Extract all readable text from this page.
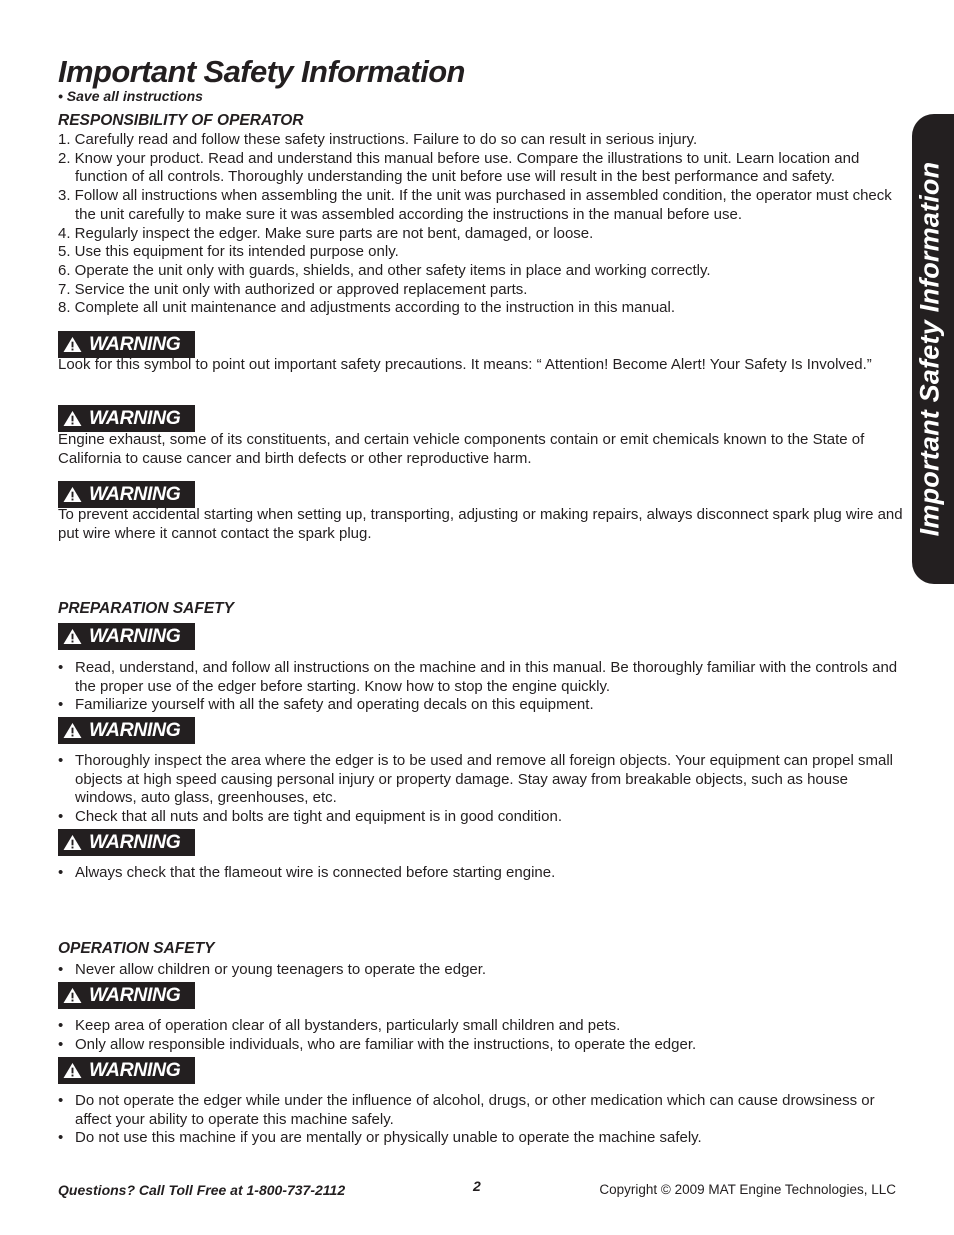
Important Safety Information
• Save all instructions
Important Safety Information
RESPONSIBILITY OF OPERATOR
1. Carefully read and follow these safety instructions. Failure to do so can result in serious injury.
2. Know your product. Read and understand this manual before use. Compare the illustrations to unit. Learn location and function of all controls. Thoroughly understanding the unit before use will result in the best performance and safety.
3. Follow all instructions when assembling the unit. If the unit was purchased in assembled condition, the operator must check the unit carefully to make sure it was assembled according the instructions in the manual before use.
4. Regularly inspect the edger. Make sure parts are not bent, damaged, or loose.
5. Use this equipment for its intended purpose only.
6. Operate the unit only with guards, shields, and other safety items in place and working correctly.
7. Service the unit only with authorized or approved replacement parts.
8. Complete all unit maintenance and adjustments according to the instruction in this manual.
WARNING
Look for this symbol to point out important safety precautions. It means: “ Attention! Become Alert! Your Safety Is Involved.”
WARNING
Engine exhaust, some of its constituents, and certain vehicle components contain or emit chemicals known to the State of California to cause cancer and birth defects or other reproductive harm.
WARNING
To prevent accidental starting when setting up, transporting, adjusting or making repairs, always disconnect spark plug wire and put wire where it cannot contact the spark plug.
PREPARATION SAFETY
WARNING
• Read, understand, and follow all instructions on the machine and in this manual. Be thoroughly familiar with the controls and the proper use of the edger before starting. Know how to stop the engine quickly.
• Familiarize yourself with all the safety and operating decals on this equipment.
WARNING
• Thoroughly inspect the area where the edger is to be used and remove all foreign objects. Your equipment can propel small objects at high speed causing personal injury or property damage. Stay away from breakable objects, such as house windows, auto glass, greenhouses, etc.
• Check that all nuts and bolts are tight and equipment is in good condition.
WARNING
• Always check that the flameout wire is connected before starting engine.
OPERATION SAFETY
• Never allow children or young teenagers to operate the edger.
WARNING
• Keep area of operation clear of all bystanders, particularly small children and pets.
• Only allow responsible individuals, who are familiar with the instructions, to operate the edger.
WARNING
• Do not operate the edger while under the influence of alcohol, drugs, or other medication which can cause drowsiness or affect your ability to operate this machine safely.
• Do not use this machine if you are mentally or physically unable to operate the machine safely.
Questions? Call Toll Free at 1-800-737-2112	2	Copyright © 2009 MAT Engine Technologies, LLC
